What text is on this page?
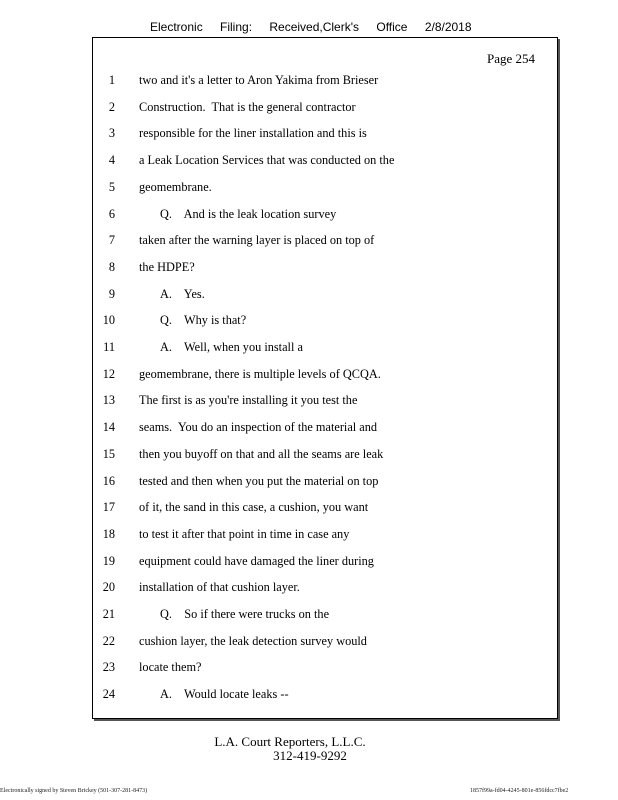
Electronic Filing: Received,Clerk's Office 2/8/2018
Page 254
1 two and it's a letter to Aron Yakima from Brieser
2 Construction.  That is the general contractor
3 responsible for the liner installation and this is
4 a Leak Location Services that was conducted on the
5 geomembrane.
6	Q.    And is the leak location survey
7 taken after the warning layer is placed on top of
8 the HDPE?
9	A.    Yes.
10	Q.    Why is that?
11	A.    Well, when you install a
12 geomembrane, there is multiple levels of QCQA.
13 The first is as you're installing it you test the
14 seams.  You do an inspection of the material and
15 then you buyoff on that and all the seams are leak
16 tested and then when you put the material on top
17 of it, the sand in this case, a cushion, you want
18 to test it after that point in time in case any
19 equipment could have damaged the liner during
20 installation of that cushion layer.
21	Q.    So if there were trucks on the
22 cushion layer, the leak detection survey would
23 locate them?
24	A.    Would locate leaks --
L.A. Court Reporters, L.L.C.
312-419-9292
Electronically signed by Steven Brickey (501-307-281-8473)	1857f99a-fd04-4245-801e-856fdcc7fbe2
